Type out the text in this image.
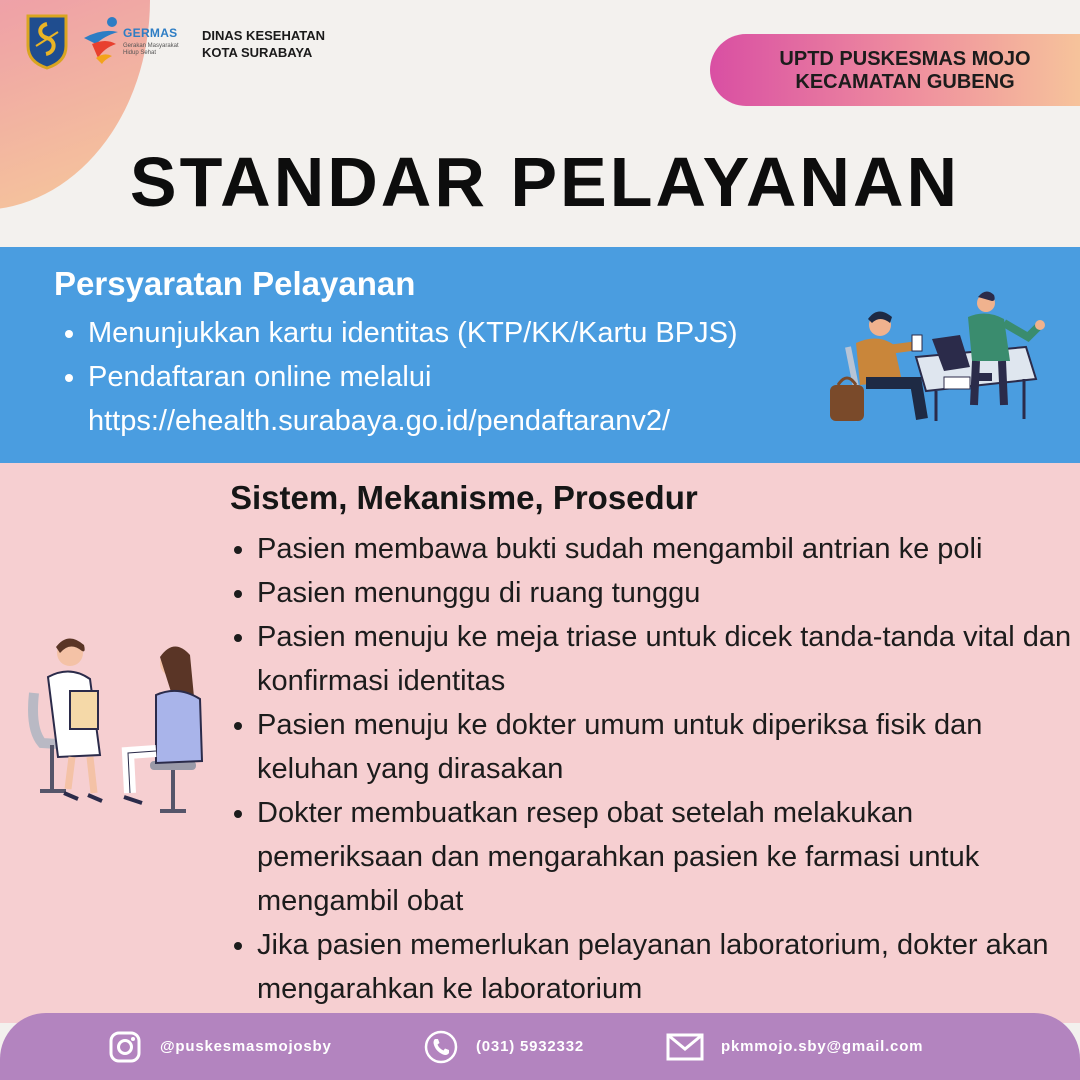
GERMAS
Gerakan Masyarakat Hidup Sehat
DINAS KESEHATAN
KOTA SURABAYA	UPTD PUSKESMAS MOJO
KECAMATAN GUBENG
STANDAR PELAYANAN
Persyaratan Pelayanan
• Menunjukkan kartu identitas (KTP/KK/Kartu BPJS)
• Pendaftaran online melalui https://ehealth.surabaya.go.id/pendaftaranv2/
Sistem, Mekanisme, Prosedur
• Pasien membawa bukti sudah mengambil antrian ke poli
• Pasien menunggu di ruang tunggu
• Pasien menuju ke meja triase untuk dicek tanda-tanda vital dan konfirmasi identitas
• Pasien menuju ke dokter umum untuk diperiksa fisik dan keluhan yang dirasakan
• Dokter membuatkan resep obat setelah melakukan pemeriksaan dan mengarahkan pasien ke farmasi untuk mengambil obat
• Jika pasien memerlukan pelayanan laboratorium, dokter akan mengarahkan ke laboratorium
@puskesmasmojosby	(031) 5932332	pkmmojo.sby@gmail.com
